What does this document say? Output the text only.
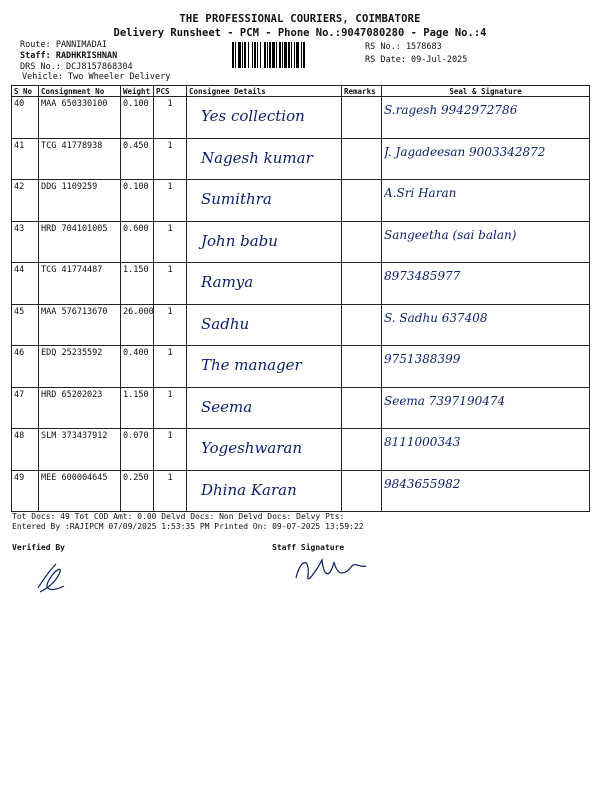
THE PROFESSIONAL COURIERS, COIMBATORE
Delivery Runsheet - PCM - Phone No.:9047080280 - Page No.:4
Route: PANNIMADAI
Staff: RADHKRISHNAN
DRS No.: DCJ8157868304
Vehicle: Two Wheeler Delivery
RS No.: 1578683
RS Date: 09-Jul-2025
S No	Consignment No	Weight	PCS	Consignee Details	Remarks	Seal & Signature

40	MAA 650330100	0.100	1	Yes collection		S.ragesh 9942972786

41	TCG 41778938	0.450	1	Nagesh kumar		J. Jagadeesan 9003342872

42	DDG 1109259	0.100	1	Sumithra		A.Sri Haran

43	HRD 704101005	0.600	1	John babu		Sangeetha (sai balan)

44	TCG 41774487	1.150	1	Ramya		8973485977

45	MAA 576713670	26.000	1	Sadhu		S. Sadhu 637408

46	EDQ 25235592	0.400	1	The manager		9751388399

47	HRD 65202023	1.150	1	Seema		Seema 7397190474

48	SLM 373437912	0.070	1	Yogeshwaran		8111000343

49	MEE 600004645	0.250	1	Dhina Karan		9843655982
Tot Docs: 49 Tot COD Amt: 0.00 Delvd Docs: Non Delvd Docs: Delvy Pts:
Entered By :RAJIPCM 07/09/2025 1:53:35 PM Printed On: 09-07-2025 13:59:22
Verified By	Staff Signature
